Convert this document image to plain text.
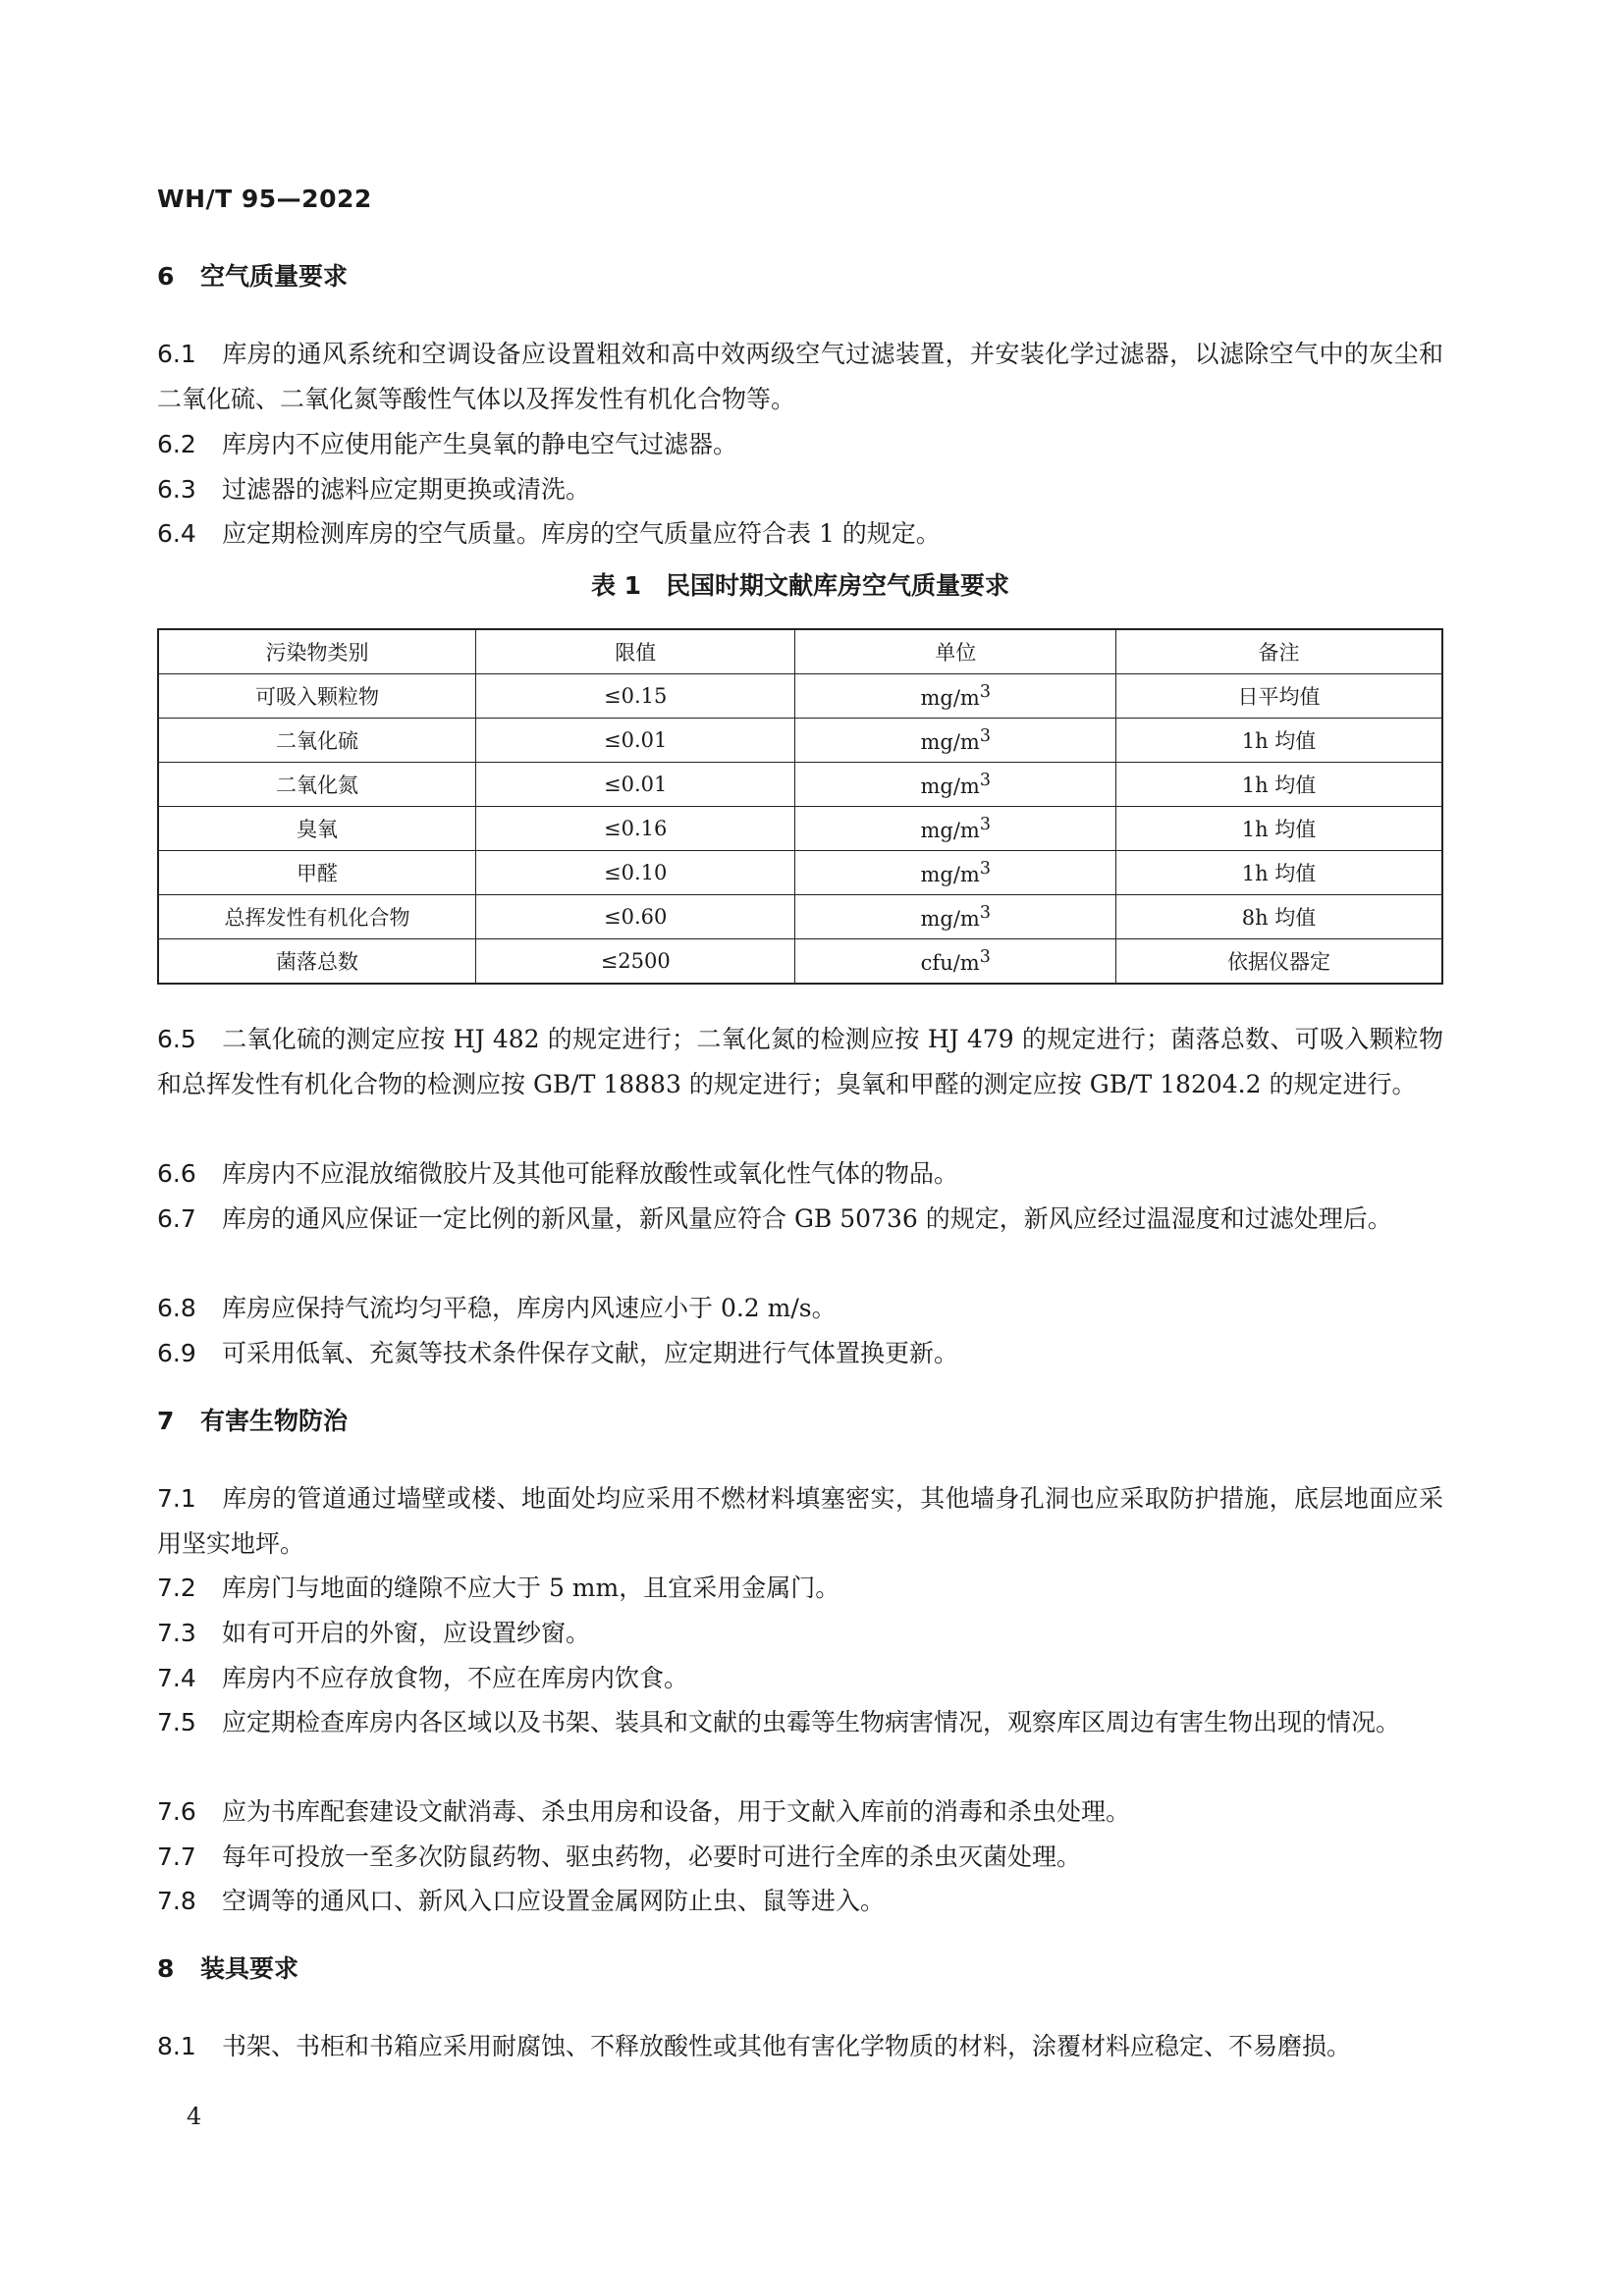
WH/T 95—2022
6 空气质量要求
6.1 库房的通风系统和空调设备应设置粗效和高中效两级空气过滤装置，并安装化学过滤器，以滤除空气中的灰尘和二氧化硫、二氧化氮等酸性气体以及挥发性有机化合物等。
6.2 库房内不应使用能产生臭氧的静电空气过滤器。
6.3 过滤器的滤料应定期更换或清洗。
6.4 应定期检测库房的空气质量。库房的空气质量应符合表 1 的规定。
表 1　民国时期文献库房空气质量要求
污染物类别	限值	单位	备注
可吸入颗粒物	≤0.15	$mg/m^3$	日平均值
二氧化硫	≤0.01	$mg/m^3$	1h 均值
二氧化氮	≤0.01	$mg/m^3$	1h 均值
臭氧	≤0.16	$mg/m^3$	1h 均值
甲醛	≤0.10	$mg/m^3$	1h 均值
总挥发性有机化合物	≤0.60	$mg/m^3$	8h 均值
菌落总数	≤2500	cfu/$m^3$	依据仪器定
6.5 二氧化硫的测定应按 HJ 482 的规定进行；二氧化氮的检测应按 HJ 479 的规定进行；菌落总数、可吸入颗粒物和总挥发性有机化合物的检测应按 GB/T 18883 的规定进行；臭氧和甲醛的测定应按 GB/T 18204.2 的规定进行。
6.6 库房内不应混放缩微胶片及其他可能释放酸性或氧化性气体的物品。
6.7 库房的通风应保证一定比例的新风量，新风量应符合 GB 50736 的规定，新风应经过温湿度和过滤处理后。
6.8 库房应保持气流均匀平稳，库房内风速应小于 0.2 m/s。
6.9 可采用低氧、充氮等技术条件保存文献，应定期进行气体置换更新。
7 有害生物防治
7.1 库房的管道通过墙壁或楼、地面处均应采用不燃材料填塞密实，其他墙身孔洞也应采取防护措施，底层地面应采用坚实地坪。
7.2 库房门与地面的缝隙不应大于 5 mm，且宜采用金属门。
7.3 如有可开启的外窗，应设置纱窗。
7.4 库房内不应存放食物，不应在库房内饮食。
7.5 应定期检查库房内各区域以及书架、装具和文献的虫霉等生物病害情况，观察库区周边有害生物出现的情况。
7.6 应为书库配套建设文献消毒、杀虫用房和设备，用于文献入库前的消毒和杀虫处理。
7.7 每年可投放一至多次防鼠药物、驱虫药物，必要时可进行全库的杀虫灭菌处理。
7.8 空调等的通风口、新风入口应设置金属网防止虫、鼠等进入。
8 装具要求
8.1 书架、书柜和书箱应采用耐腐蚀、不释放酸性或其他有害化学物质的材料，涂覆材料应稳定、不易磨损。
4
